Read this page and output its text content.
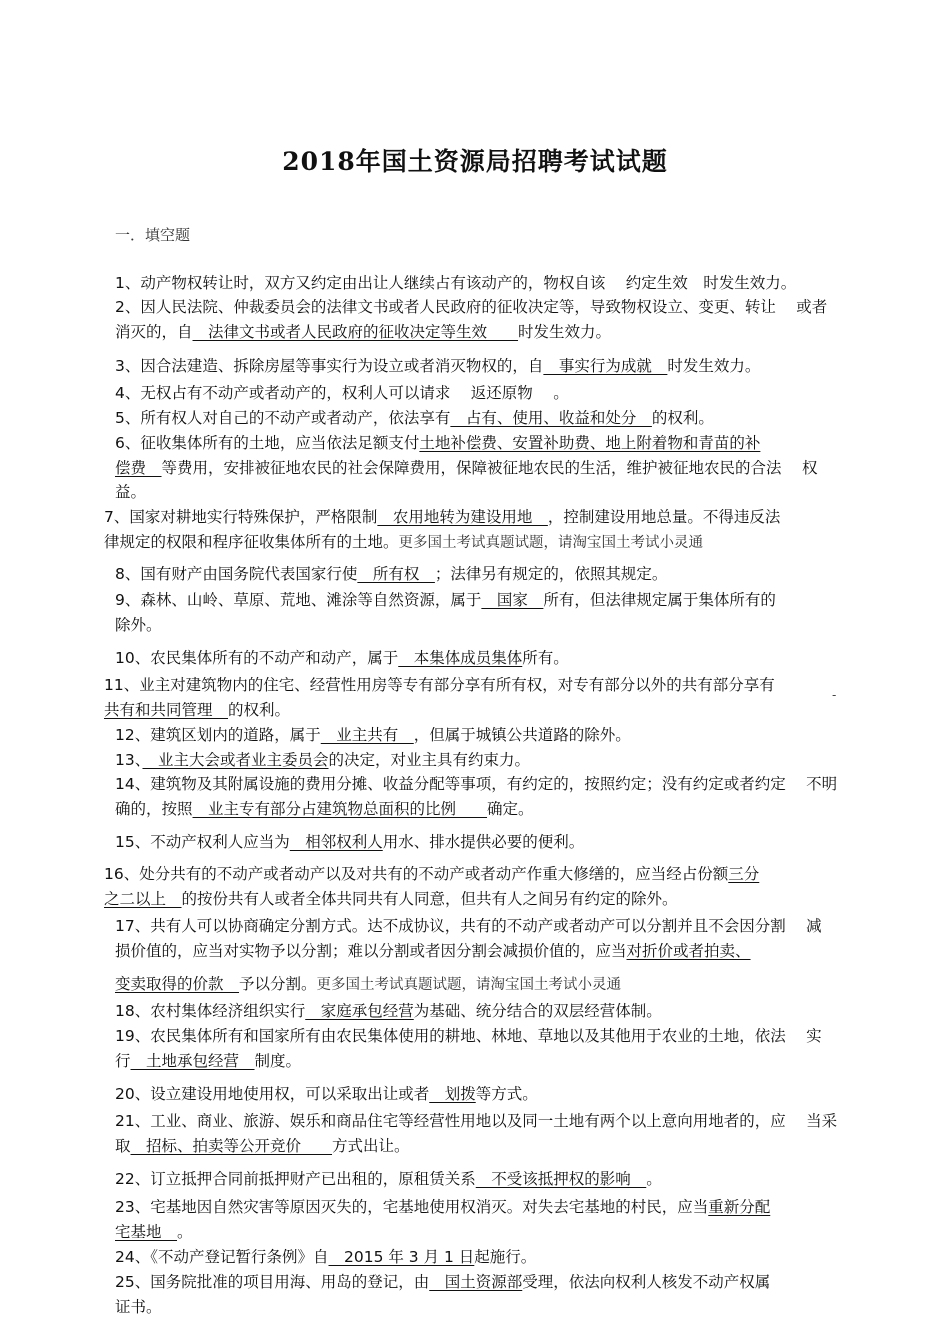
2018年国土资源局招聘考试试题
一．填空题
1、动产物权转让时，双方又约定由出让人继续占有该动产的，物权自该　 约定生效　时发生效力。
2、因人民法院、仲裁委员会的法律文书或者人民政府的征收决定等，导致物权设立、变更、转让　 或者
消灭的，自　法律文书或者人民政府的征收决定等生效　　时发生效力。
3、因合法建造、拆除房屋等事实行为设立或者消灭物权的，自　事实行为成就　时发生效力。
4、无权占有不动产或者动产的，权利人可以请求　 返还原物　 。
5、所有权人对自己的不动产或者动产，依法享有　占有、使用、收益和处分　的权利。
6、征收集体所有的土地，应当依法足额支付土地补偿费、安置补助费、地上附着物和青苗的补
偿费　等费用，安排被征地农民的社会保障费用，保障被征地农民的生活，维护被征地农民的合法　 权
益。
7、国家对耕地实行特殊保护，严格限制　农用地转为建设用地　，控制建设用地总量。不得违反法
律规定的权限和程序征收集体所有的土地。更多国土考试真题试题，请淘宝国土考试小灵通
8、国有财产由国务院代表国家行使　所有权　；法律另有规定的，依照其规定。
9、森林、山岭、草原、荒地、滩涂等自然资源，属于　国家　所有，但法律规定属于集体所有的
除外。
10、农民集体所有的不动产和动产，属于　本集体成员集体所有。
11、业主对建筑物内的住宅、经营性用房等专有部分享有所有权，对专有部分以外的共有部分享有
共有和共同管理　的权利。
12、建筑区划内的道路，属于　业主共有　，但属于城镇公共道路的除外。
13、　业主大会或者业主委员会的决定，对业主具有约束力。
14、建筑物及其附属设施的费用分摊、收益分配等事项，有约定的，按照约定；没有约定或者约定　 不明
确的，按照　业主专有部分占建筑物总面积的比例　　确定。
15、不动产权利人应当为　相邻权利人用水、排水提供必要的便利。
16、处分共有的不动产或者动产以及对共有的不动产或者动产作重大修缮的，应当经占份额三分
之二以上　的按份共有人或者全体共同共有人同意，但共有人之间另有约定的除外。
17、共有人可以协商确定分割方式。达不成协议，共有的不动产或者动产可以分割并且不会因分割　 减
损价值的，应当对实物予以分割；难以分割或者因分割会减损价值的，应当对折价或者拍卖、
变卖取得的价款　予以分割。更多国土考试真题试题，请淘宝国土考试小灵通
18、农村集体经济组织实行　家庭承包经营为基础、统分结合的双层经营体制。
19、农民集体所有和国家所有由农民集体使用的耕地、林地、草地以及其他用于农业的土地，依法　 实
行　土地承包经营　制度。
20、设立建设用地使用权，可以采取出让或者　划拨等方式。
21、工业、商业、旅游、娱乐和商品住宅等经营性用地以及同一土地有两个以上意向用地者的，应　 当采
取　招标、拍卖等公开竞价　　方式出让。
22、订立抵押合同前抵押财产已出租的，原租赁关系　不受该抵押权的影响　。
23、宅基地因自然灾害等原因灭失的，宅基地使用权消灭。对失去宅基地的村民，应当重新分配
宅基地　。
24、《不动产登记暂行条例》自　2015 年 3 月 1 日起施行。
25、国务院批准的项目用海、用岛的登记，由　国土资源部受理，依法向权利人核发不动产权属
证书。
-
